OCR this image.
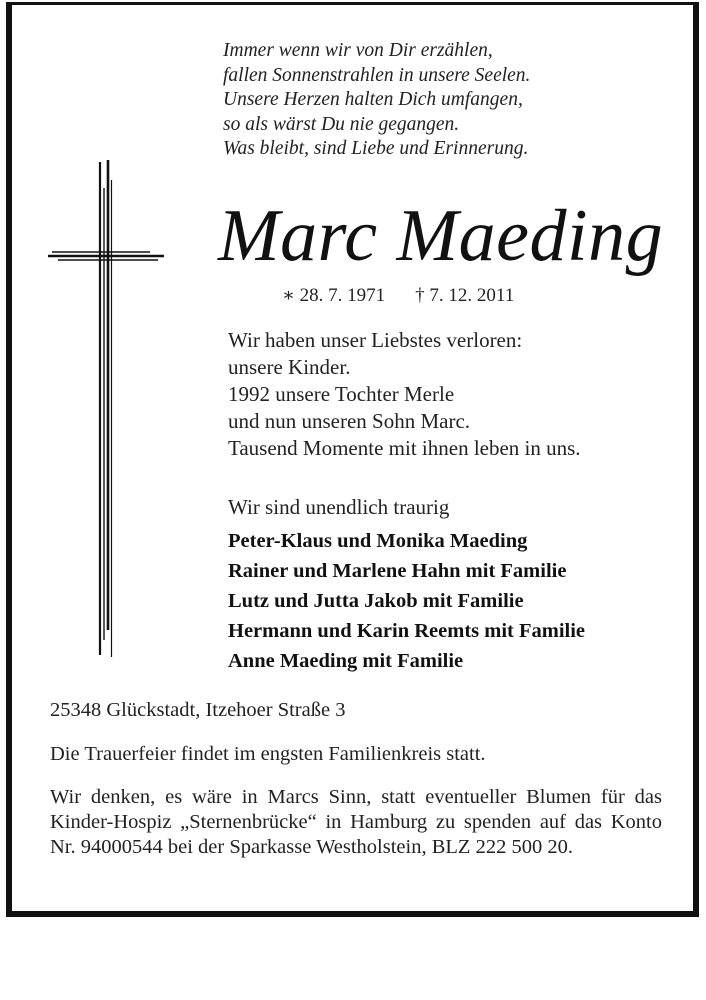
Immer wenn wir von Dir erzählen,
fallen Sonnenstrahlen in unsere Seelen.
Unsere Herzen halten Dich umfangen,
so als wärst Du nie gegangen.
Was bleibt, sind Liebe und Erinnerung.
Marc Maeding
∗ 28. 7. 1971 † 7. 12. 2011
Wir haben unser Liebstes verloren:
unsere Kinder.
1992 unsere Tochter Merle
und nun unseren Sohn Marc.
Tausend Momente mit ihnen leben in uns.
Wir sind unendlich traurig
Peter-Klaus und Monika Maeding
Rainer und Marlene Hahn mit Familie
Lutz und Jutta Jakob mit Familie
Hermann und Karin Reemts mit Familie
Anne Maeding mit Familie
25348 Glückstadt, Itzehoer Straße 3
Die Trauerfeier findet im engsten Familienkreis statt.
Wir denken, es wäre in Marcs Sinn, statt eventueller Blumen für das Kinder-Hospiz „Sternenbrücke“ in Hamburg zu spenden auf das Konto Nr. 94000544 bei der Sparkasse Westholstein, BLZ 222 500 20.
